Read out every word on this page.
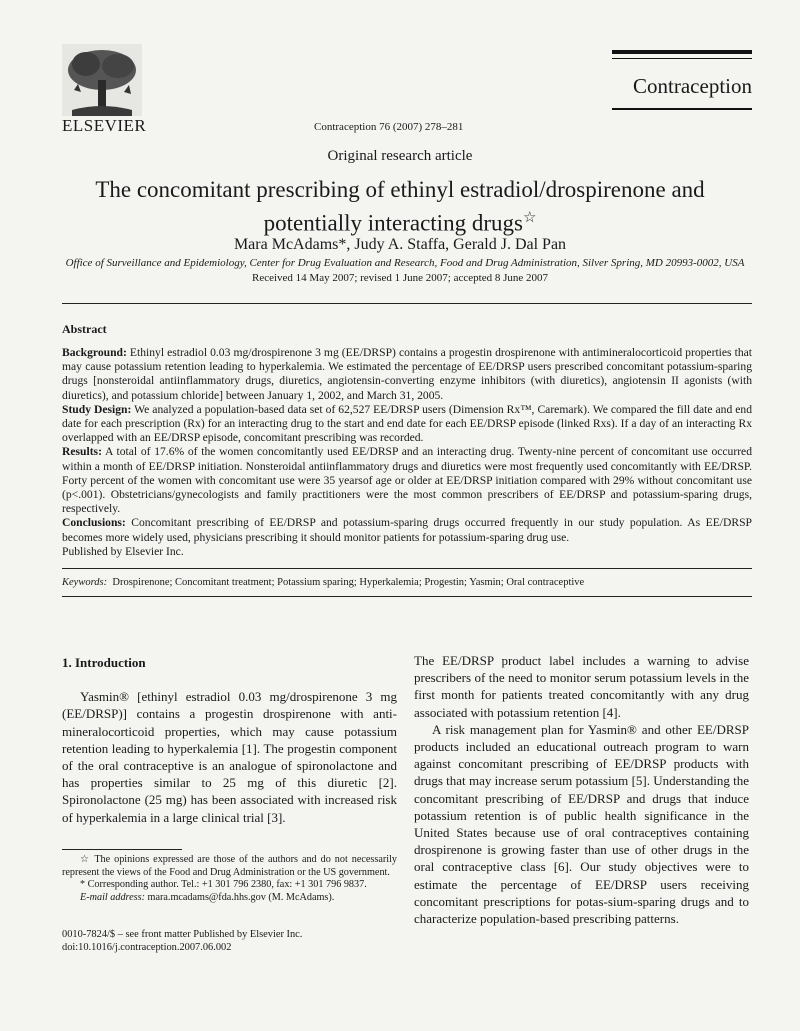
ELSEVIER
Contraception
Contraception 76 (2007) 278–281
Original research article
The concomitant prescribing of ethinyl estradiol/drospirenone and potentially interacting drugs☆
Mara McAdams*, Judy A. Staffa, Gerald J. Dal Pan
Office of Surveillance and Epidemiology, Center for Drug Evaluation and Research, Food and Drug Administration, Silver Spring, MD 20993-0002, USA
Received 14 May 2007; revised 1 June 2007; accepted 8 June 2007
Abstract

Background: Ethinyl estradiol 0.03 mg/drospirenone 3 mg (EE/DRSP) contains a progestin drospirenone with antimineralocorticoid properties that may cause potassium retention leading to hyperkalemia. We estimated the percentage of EE/DRSP users prescribed concomitant potassium-sparing drugs [nonsteroidal antiinflammatory drugs, diuretics, angiotensin-converting enzyme inhibitors (with diuretics), angiotensin II agonists (with diuretics), and potassium chloride] between January 1, 2002, and March 31, 2005.

Study Design: We analyzed a population-based data set of 62,527 EE/DRSP users (Dimension Rx™, Caremark). We compared the fill date and end date for each prescription (Rx) for an interacting drug to the start and end date for each EE/DRSP episode (linked Rxs). If a day of an interacting Rx overlapped with an EE/DRSP episode, concomitant prescribing was recorded.

Results: A total of 17.6% of the women concomitantly used EE/DRSP and an interacting drug. Twenty-nine percent of concomitant use occurred within a month of EE/DRSP initiation. Nonsteroidal antiinflammatory drugs and diuretics were most frequently used concomitantly with EE/DRSP. Forty percent of the women with concomitant use were 35 yearsof age or older at EE/DRSP initiation compared with 29% without concomitant use (p<.001). Obstetricians/gynecologists and family practitioners were the most common prescribers of EE/DRSP and potassium-sparing drugs, respectively.

Conclusions: Concomitant prescribing of EE/DRSP and potassium-sparing drugs occurred frequently in our study population. As EE/DRSP becomes more widely used, physicians prescribing it should monitor patients for potassium-sparing drug use.

Published by Elsevier Inc.

Keywords: Drospirenone; Concomitant treatment; Potassium sparing; Hyperkalemia; Progestin; Yasmin; Oral contraceptive

1. Introduction

Yasmin® [ethinyl estradiol 0.03 mg/drospirenone 3 mg (EE/DRSP)] contains a progestin drospirenone with anti-mineralocorticoid properties, which may cause potassium retention leading to hyperkalemia [1]. The progestin component of the oral contraceptive is an analogue of spironolactone and has properties similar to 25 mg of this diuretic [2]. Spironolactone (25 mg) has been associated with increased risk of hyperkalemia in a large clinical trial [3].

The EE/DRSP product label includes a warning to advise prescribers of the need to monitor serum potassium levels in the first month for patients treated concomitantly with any drug associated with potassium retention [4].

A risk management plan for Yasmin® and other EE/DRSP products included an educational outreach program to warn against concomitant prescribing of EE/DRSP products with drugs that may increase serum potassium [5]. Understanding the concomitant prescribing of EE/DRSP and drugs that induce potassium retention is of public health significance in the United States because use of oral contraceptives containing drospirenone is growing faster than use of other drugs in the oral contraceptive class [6]. Our study objectives were to estimate the percentage of EE/DRSP users receiving concomitant prescriptions for potas-sium-sparing drugs and to characterize population-based prescribing patterns.

☆ The opinions expressed are those of the authors and do not necessarily represent the views of the Food and Drug Administration or the US government.

* Corresponding author. Tel.: +1 301 796 2380, fax: +1 301 796 9837.

E-mail address: mara.mcadams@fda.hhs.gov (M. McAdams).

0010-7824/$ – see front matter Published by Elsevier Inc.
doi:10.1016/j.contraception.2007.06.002
